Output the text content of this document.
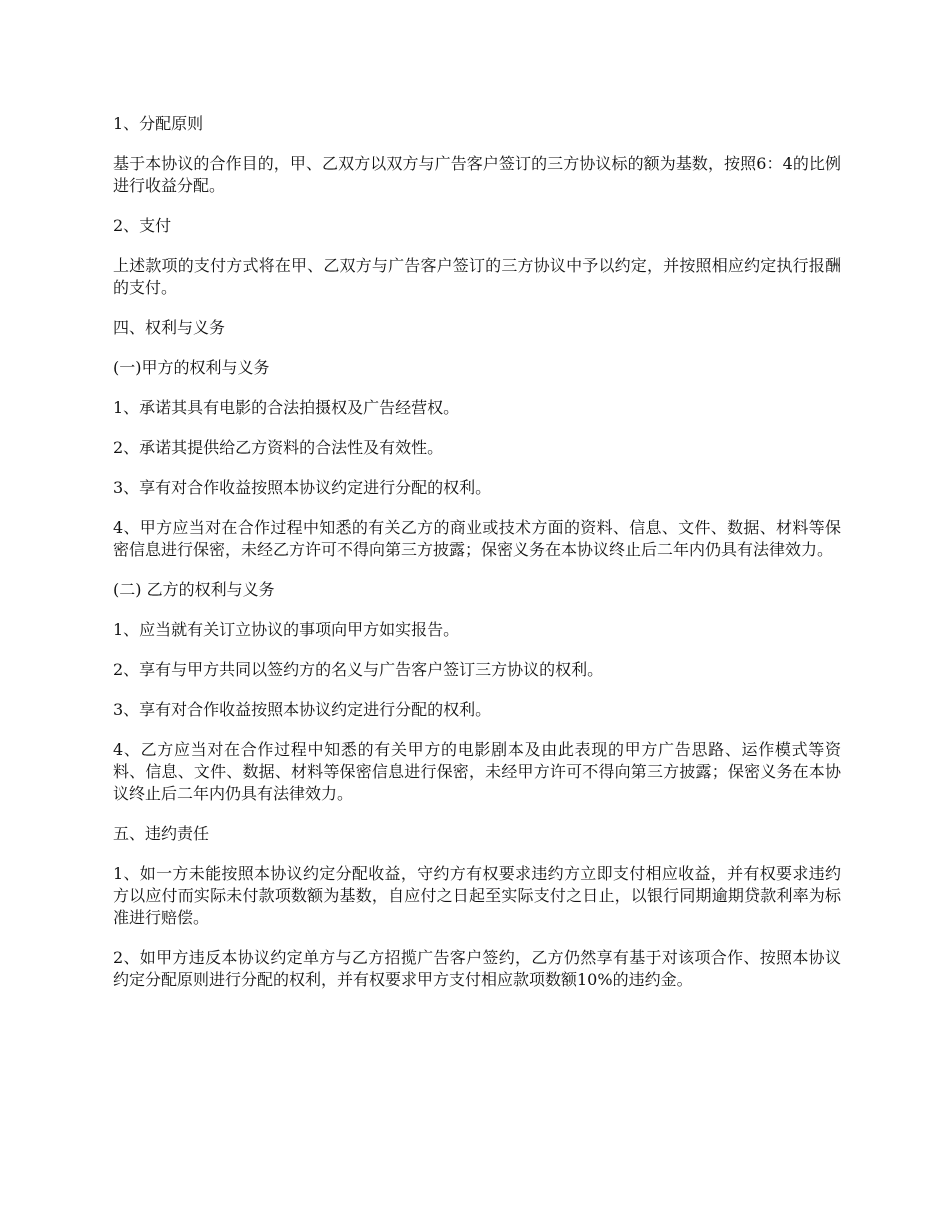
1、分配原则

基于本协议的合作目的，甲、乙双方以双方与广告客户签订的三方协议标的额为基数，按照6：4的比例进行收益分配。

2、支付

上述款项的支付方式将在甲、乙双方与广告客户签订的三方协议中予以约定，并按照相应约定执行报酬的支付。

四、权利与义务

(一)甲方的权利与义务

1、承诺其具有电影的合法拍摄权及广告经营权。

2、承诺其提供给乙方资料的合法性及有效性。

3、享有对合作收益按照本协议约定进行分配的权利。

4、甲方应当对在合作过程中知悉的有关乙方的商业或技术方面的资料、信息、文件、数据、材料等保密信息进行保密，未经乙方许可不得向第三方披露；保密义务在本协议终止后二年内仍具有法律效力。

(二) 乙方的权利与义务

1、应当就有关订立协议的事项向甲方如实报告。

2、享有与甲方共同以签约方的名义与广告客户签订三方协议的权利。

3、享有对合作收益按照本协议约定进行分配的权利。

4、乙方应当对在合作过程中知悉的有关甲方的电影剧本及由此表现的甲方广告思路、运作模式等资料、信息、文件、数据、材料等保密信息进行保密，未经甲方许可不得向第三方披露；保密义务在本协议终止后二年内仍具有法律效力。

五、违约责任

1、如一方未能按照本协议约定分配收益，守约方有权要求违约方立即支付相应收益，并有权要求违约方以应付而实际未付款项数额为基数，自应付之日起至实际支付之日止，以银行同期逾期贷款利率为标准进行赔偿。

2、如甲方违反本协议约定单方与乙方招揽广告客户签约，乙方仍然享有基于对该项合作、按照本协议约定分配原则进行分配的权利，并有权要求甲方支付相应款项数额10%的违约金。
